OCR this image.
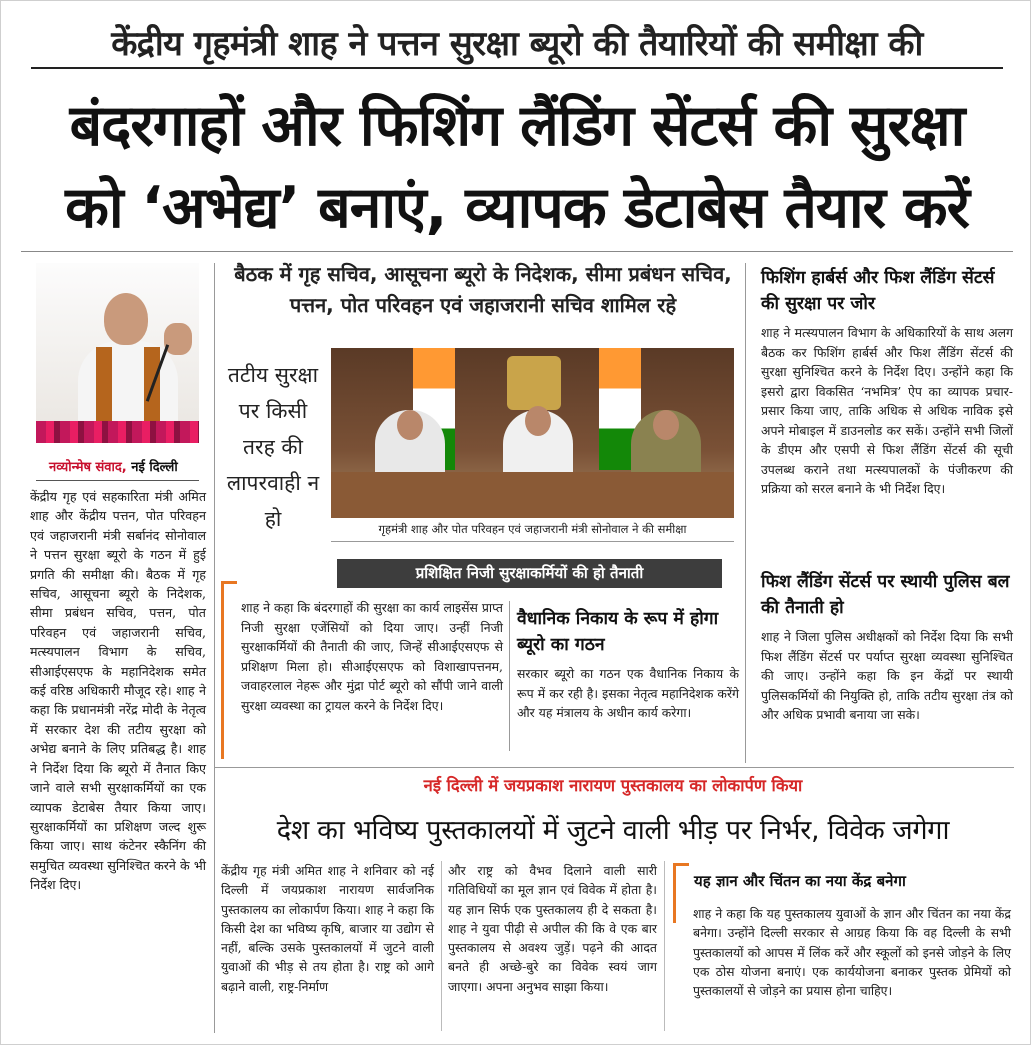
केंद्रीय गृहमंत्री शाह ने पत्तन सुरक्षा ब्यूरो की तैयारियों की समीक्षा की
बंदरगाहों और फिशिंग लैंडिंग सेंटर्स की सुरक्षा
को ‘अभेद्य’ बनाएं, व्यापक डेटाबेस तैयार करें
नव्योन्मेष संवाद, नई दिल्ली
केंद्रीय गृह एवं सहकारिता मंत्री अमित शाह और केंद्रीय पत्तन, पोत परिवहन एवं जहाजरानी मंत्री सर्बानंद सोनोवाल ने पत्तन सुरक्षा ब्यूरो के गठन में हुई प्रगति की समीक्षा की। बैठक में गृह सचिव, आसूचना ब्यूरो के निदेशक, सीमा प्रबंधन सचिव, पत्तन, पोत परिवहन एवं जहाजरानी सचिव, मत्स्यपालन विभाग के सचिव, सीआईएसएफ के महानिदेशक समेत कई वरिष्ठ अधिकारी मौजूद रहे। शाह ने कहा कि प्रधानमंत्री नरेंद्र मोदी के नेतृत्व में सरकार देश की तटीय सुरक्षा को अभेद्य बनाने के लिए प्रतिबद्ध है। शाह ने निर्देश दिया कि ब्यूरो में तैनात किए जाने वाले सभी सुरक्षाकर्मियों का एक व्यापक डेटाबेस तैयार किया जाए। सुरक्षाकर्मियों का प्रशिक्षण जल्द शुरू किया जाए। साथ कंटेनर स्कैनिंग की समुचित व्यवस्था सुनिश्चित करने के भी निर्देश दिए।
बैठक में गृह सचिव, आसूचना ब्यूरो के निदेशक, सीमा प्रबंधन सचिव, पत्तन, पोत परिवहन एवं जहाजरानी सचिव शामिल रहे
तटीय सुरक्षा पर किसी तरह की लापरवाही न हो	गृहमंत्री शाह और पोत परिवहन एवं जहाजरानी मंत्री सोनोवाल ने की समीक्षा
प्रशिक्षित निजी सुरक्षाकर्मियों की हो तैनाती
शाह ने कहा कि बंदरगाहों की सुरक्षा का कार्य लाइसेंस प्राप्त निजी सुरक्षा एजेंसियों को दिया जाए। उन्हीं निजी सुरक्षाकर्मियों की तैनाती की जाए, जिन्हें सीआईएसएफ से प्रशिक्षण मिला हो। सीआईएसएफ को विशाखापत्तनम, जवाहरलाल नेहरू और मुंद्रा पोर्ट ब्यूरो को सौंपी जाने वाली सुरक्षा व्यवस्था का ट्रायल करने के निर्देश दिए।
वैधानिक निकाय के रूप में होगा ब्यूरो का गठन
सरकार ब्यूरो का गठन एक वैधानिक निकाय के रूप में कर रही है। इसका नेतृत्व महानिदेशक करेंगे और यह मंत्रालय के अधीन कार्य करेगा।
फिशिंग हार्बर्स और फिश लैंडिंग सेंटर्स की सुरक्षा पर जोर
शाह ने मत्स्यपालन विभाग के अधिकारियों के साथ अलग बैठक कर फिशिंग हार्बर्स और फिश लैंडिंग सेंटर्स की सुरक्षा सुनिश्चित करने के निर्देश दिए। उन्होंने कहा कि इसरो द्वारा विकसित ‘नभमित्र’ ऐप का व्यापक प्रचार-प्रसार किया जाए, ताकि अधिक से अधिक नाविक इसे अपने मोबाइल में डाउनलोड कर सकें। उन्होंने सभी जिलों के डीएम और एसपी से फिश लैंडिंग सेंटर्स की सूची उपलब्ध कराने तथा मत्स्यपालकों के पंजीकरण की प्रक्रिया को सरल बनाने के भी निर्देश दिए।
फिश लैंडिंग सेंटर्स पर स्थायी पुलिस बल की तैनाती हो
शाह ने जिला पुलिस अधीक्षकों को निर्देश दिया कि सभी फिश लैंडिंग सेंटर्स पर पर्याप्त सुरक्षा व्यवस्था सुनिश्चित की जाए। उन्होंने कहा कि इन केंद्रों पर स्थायी पुलिसकर्मियों की नियुक्ति हो, ताकि तटीय सुरक्षा तंत्र को और अधिक प्रभावी बनाया जा सके।
नई दिल्ली में जयप्रकाश नारायण पुस्तकालय का लोकार्पण किया
देश का भविष्य पुस्तकालयों में जुटने वाली भीड़ पर निर्भर, विवेक जगेगा
केंद्रीय गृह मंत्री अमित शाह ने शनिवार को नई दिल्ली में जयप्रकाश नारायण सार्वजनिक पुस्तकालय का लोकार्पण किया। शाह ने कहा कि किसी देश का भविष्य कृषि, बाजार या उद्योग से नहीं, बल्कि उसके पुस्तकालयों में जुटने वाली युवाओं की भीड़ से तय होता है। राष्ट्र को आगे बढ़ाने वाली, राष्ट्र-निर्माण
और राष्ट्र को वैभव दिलाने वाली सारी गतिविधियों का मूल ज्ञान एवं विवेक में होता है। यह ज्ञान सिर्फ एक पुस्तकालय ही दे सकता है। शाह ने युवा पीढ़ी से अपील की कि वे एक बार पुस्तकालय से अवश्य जुड़ें। पढ़ने की आदत बनते ही अच्छे-बुरे का विवेक स्वयं जाग जाएगा। अपना अनुभव साझा किया।
यह ज्ञान और चिंतन का नया केंद्र बनेगा
शाह ने कहा कि यह पुस्तकालय युवाओं के ज्ञान और चिंतन का नया केंद्र बनेगा। उन्होंने दिल्ली सरकार से आग्रह किया कि वह दिल्ली के सभी पुस्तकालयों को आपस में लिंक करें और स्कूलों को इनसे जोड़ने के लिए एक ठोस योजना बनाएं। एक कार्ययोजना बनाकर पुस्तक प्रेमियों को पुस्तकालयों से जोड़ने का प्रयास होना चाहिए।
